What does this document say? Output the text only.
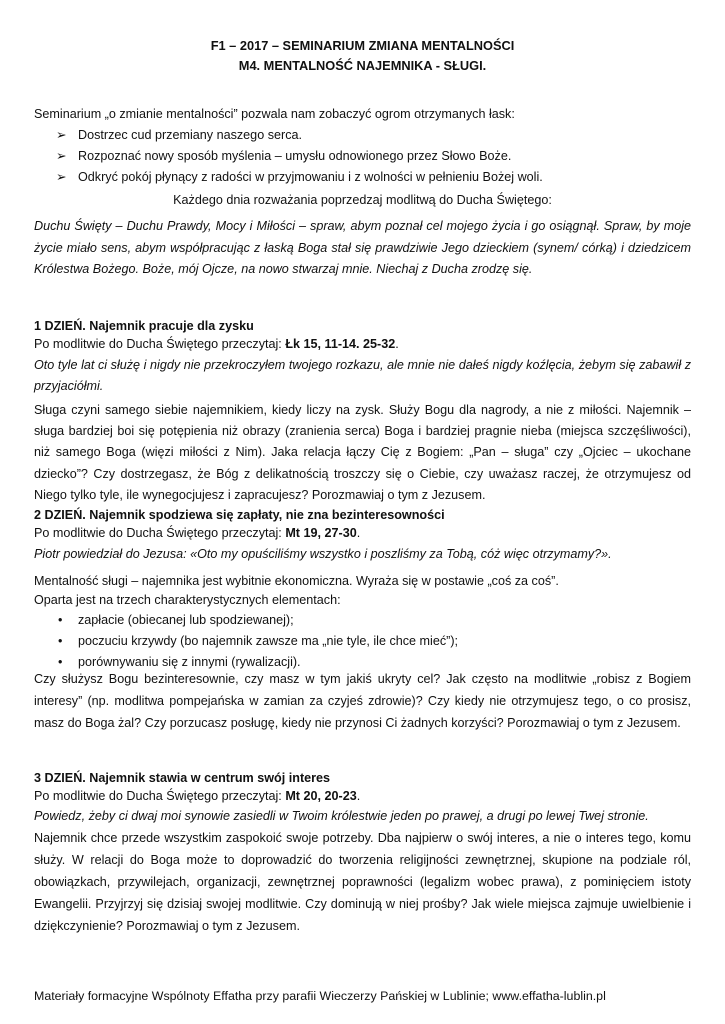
F1 – 2017 – SEMINARIUM ZMIANA MENTALNOŚCI
M4. MENTALNOŚĆ NAJEMNIKA - SŁUGI.
Seminarium „o zmianie mentalności” pozwala nam zobaczyć ogrom otrzymanych łask:
➢ Dostrzec cud przemiany naszego serca.
➢ Rozpoznać nowy sposób myślenia – umysłu odnowionego przez Słowo Boże.
➢ Odkryć pokój płynący z radości w przyjmowaniu i z wolności w pełnieniu Bożej woli.
Każdego dnia rozważania poprzedzaj modlitwą do Ducha Świętego:
Duchu Święty – Duchu Prawdy, Mocy i Miłości – spraw, abym poznał cel mojego życia i go osiągnął. Spraw, by moje życie miało sens, abym współpracując z łaską Boga stał się prawdziwie Jego dzieckiem (synem/ córką) i dziedzicem Królestwa Bożego. Boże, mój Ojcze, na nowo stwarzaj mnie. Niechaj z Ducha zrodzę się.
1 DZIEŃ. Najemnik pracuje dla zysku
Po modlitwie do Ducha Świętego przeczytaj: Łk 15, 11-14. 25-32.
Oto tyle lat ci służę i nigdy nie przekroczyłem twojego rozkazu, ale mnie nie dałeś nigdy koźlęcia, żebym się zabawił z przyjaciółmi.
Sługa czyni samego siebie najemnikiem, kiedy liczy na zysk. Służy Bogu dla nagrody, a nie z miłości. Najemnik – sługa bardziej boi się potępienia niż obrazy (zranienia serca) Boga i bardziej pragnie nieba (miejsca szczęśliwości), niż samego Boga (więzi miłości z Nim). Jaka relacja łączy Cię z Bogiem: „Pan – sługa” czy „Ojciec – ukochane dziecko”? Czy dostrzegasz, że Bóg z delikatnością troszczy się o Ciebie, czy uważasz raczej, że otrzymujesz od Niego tylko tyle, ile wynegocjujesz i zapracujesz? Porozmawiaj o tym z Jezusem.
2 DZIEŃ. Najemnik spodziewa się zapłaty, nie zna bezinteresowności
Po modlitwie do Ducha Świętego przeczytaj: Mt 19, 27-30.
Piotr powiedział do Jezusa: «Oto my opuściliśmy wszystko i poszliśmy za Tobą, cóż więc otrzymamy?».
Mentalność sługi – najemnika jest wybitnie ekonomiczna. Wyraża się w postawie „coś za coś”.
Oparta jest na trzech charakterystycznych elementach:
• zapłacie (obiecanej lub spodziewanej);
• poczuciu krzywdy (bo najemnik zawsze ma „nie tyle, ile chce mieć”);
• porównywaniu się z innymi (rywalizacji).
Czy służysz Bogu bezinteresownie, czy masz w tym jakiś ukryty cel? Jak często na modlitwie „robisz z Bogiem interesy” (np. modlitwa pompejańska w zamian za czyjeś zdrowie)? Czy kiedy nie otrzymujesz tego, o co prosisz, masz do Boga żal? Czy porzucasz posługę, kiedy nie przynosi Ci żadnych korzyści? Porozmawiaj o tym z Jezusem.
3 DZIEŃ. Najemnik stawia w centrum swój interes
Po modlitwie do Ducha Świętego przeczytaj: Mt 20, 20-23.
Powiedz, żeby ci dwaj moi synowie zasiedli w Twoim królestwie jeden po prawej, a drugi po lewej Twej stronie.
Najemnik chce przede wszystkim zaspokoić swoje potrzeby. Dba najpierw o swój interes, a nie o interes tego, komu służy. W relacji do Boga może to doprowadzić do tworzenia religijności zewnętrznej, skupione na podziale ról, obowiązkach, przywilejach, organizacji, zewnętrznej poprawności (legalizm wobec prawa), z pominięciem istoty Ewangelii. Przyjrzyj się dzisiaj swojej modlitwie. Czy dominują w niej prośby? Jak wiele miejsca zajmuje uwielbienie i dziękczynienie? Porozmawiaj o tym z Jezusem.
Materiały formacyjne Wspólnoty Effatha przy parafii Wieczerzy Pańskiej w Lublinie; www.effatha-lublin.pl
